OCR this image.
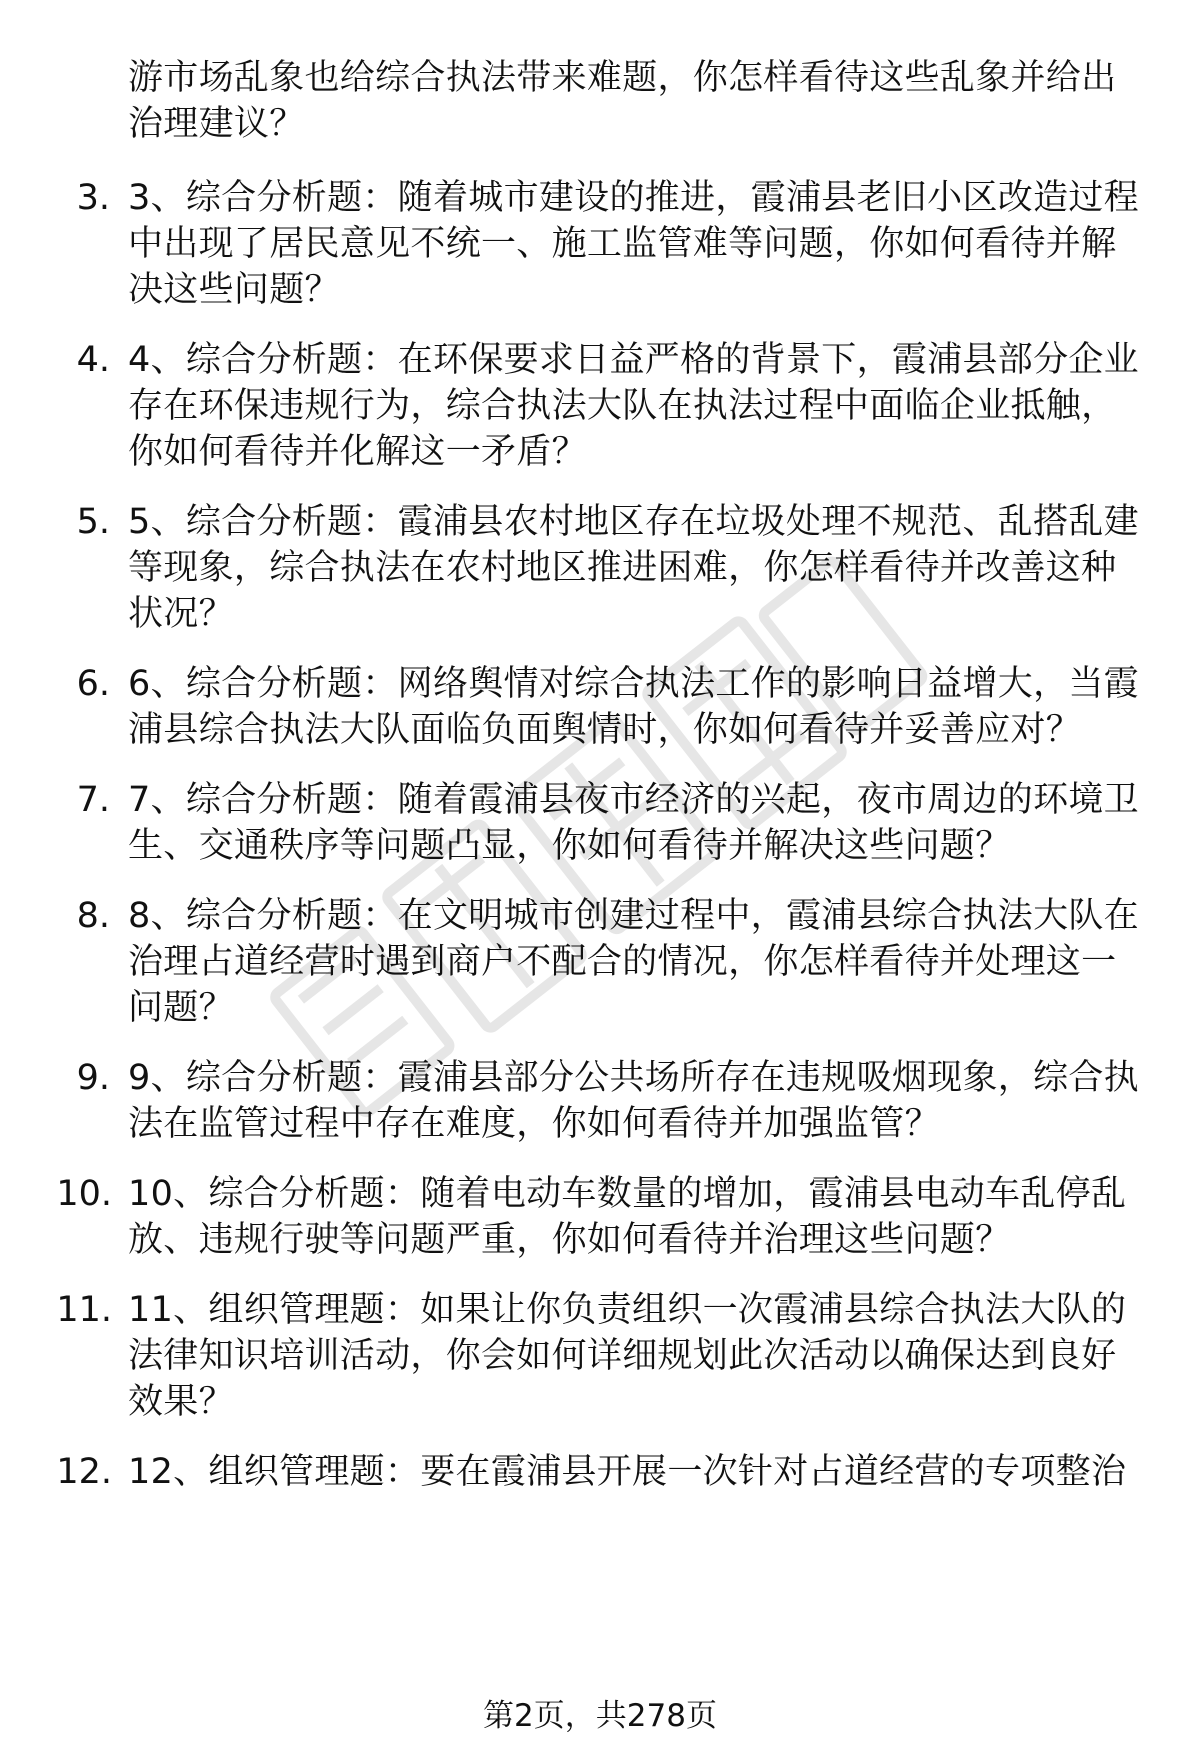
游市场乱象也给综合执法带来难题，你怎样看待这些乱象并给出
治理建议？
3. 3、综合分析题：随着城市建设的推进，霞浦县老旧小区改造过程
中出现了居民意见不统一、施工监管难等问题，你如何看待并解
决这些问题？
4. 4、综合分析题：在环保要求日益严格的背景下，霞浦县部分企业
存在环保违规行为，综合执法大队在执法过程中面临企业抵触，
你如何看待并化解这一矛盾？
5. 5、综合分析题：霞浦县农村地区存在垃圾处理不规范、乱搭乱建
等现象，综合执法在农村地区推进困难，你怎样看待并改善这种
状况？
6. 6、综合分析题：网络舆情对综合执法工作的影响日益增大，当霞
浦县综合执法大队面临负面舆情时，你如何看待并妥善应对？
7. 7、综合分析题：随着霞浦县夜市经济的兴起，夜市周边的环境卫
生、交通秩序等问题凸显，你如何看待并解决这些问题？
8. 8、综合分析题：在文明城市创建过程中，霞浦县综合执法大队在
治理占道经营时遇到商户不配合的情况，你怎样看待并处理这一
问题？
9. 9、综合分析题：霞浦县部分公共场所存在违规吸烟现象，综合执
法在监管过程中存在难度，你如何看待并加强监管？
10. 10、综合分析题：随着电动车数量的增加，霞浦县电动车乱停乱
放、违规行驶等问题严重，你如何看待并治理这些问题？
11. 11、组织管理题：如果让你负责组织一次霞浦县综合执法大队的
法律知识培训活动，你会如何详细规划此次活动以确保达到良好
效果？
12. 12、组织管理题：要在霞浦县开展一次针对占道经营的专项整治
第2页，共278页
